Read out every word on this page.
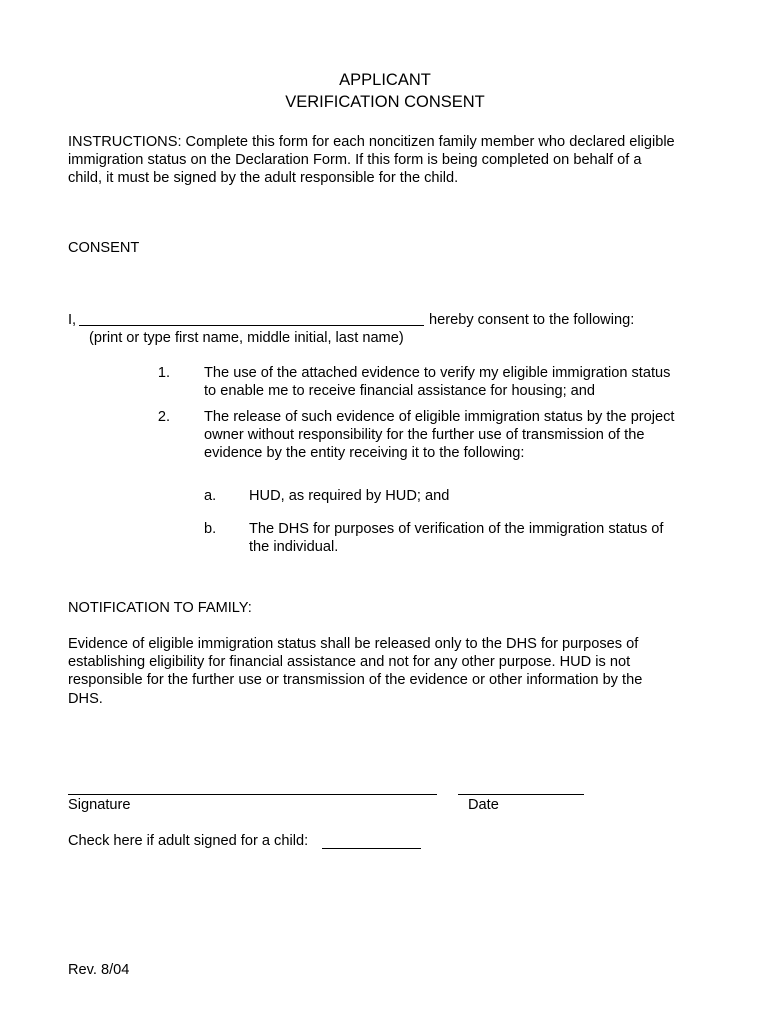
APPLICANT
VERIFICATION CONSENT
INSTRUCTIONS: Complete this form for each noncitizen family member who declared eligible
immigration status on the Declaration Form. If this form is being completed on behalf of a
child, it must be signed by the adult responsible for the child.
CONSENT
I,	hereby consent to the following:
(print or type first name, middle initial, last name)
1. The use of the attached evidence to verify my eligible immigration status
to enable me to receive financial assistance for housing; and
2. The release of such evidence of eligible immigration status by the project
owner without responsibility for the further use of transmission of the
evidence by the entity receiving it to the following:
a. HUD, as required by HUD; and
b. The DHS for purposes of verification of the immigration status of
the individual.
NOTIFICATION TO FAMILY:
Evidence of eligible immigration status shall be released only to the DHS for purposes of
establishing eligibility for financial assistance and not for any other purpose. HUD is not
responsible for the further use or transmission of the evidence or other information by the
DHS.
Signature	Date
Check here if adult signed for a child:
Rev. 8/04
